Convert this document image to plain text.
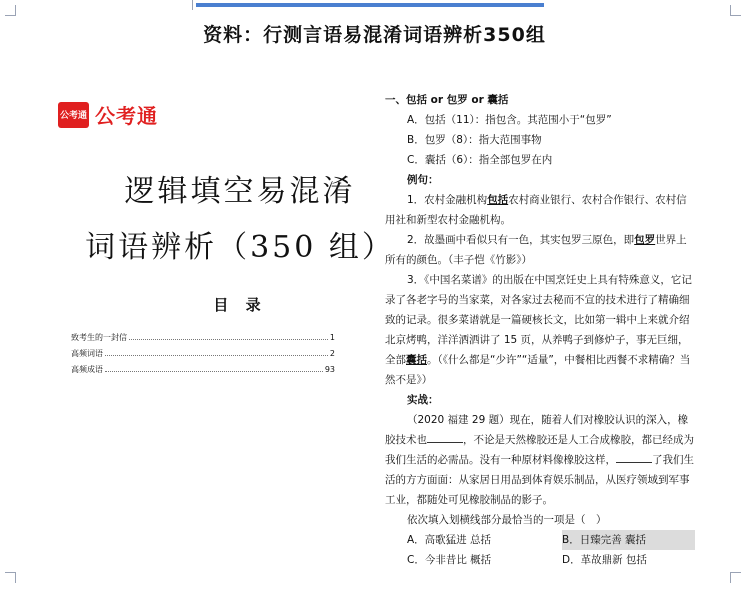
资料：行测言语易混淆词语辨析350组
公考通 公考通
逻辑填空易混淆
词语辨析（350 组）
目 录
致考生的一封信	1
高频词语	2
高频成语	93

一、包括 or 包罗 or 囊括

A．包括（11）：指包含。其范围小于“包罗”

B．包罗（8）：指大范围事物

C．囊括（6）：指全部包罗在内

例句：

1．农村金融机构包括农村商业银行、农村合作银行、农村信用社和新型农村金融机构。

2．故墨画中看似只有一色，其实包罗三原色，即包罗世界上所有的颜色。（丰子恺《竹影》）

3．《中国名菜谱》的出版在中国烹饪史上具有特殊意义，它记录了各老字号的当家菜，对各家过去秘而不宣的技术进行了精确细致的记录。很多菜谱就是一篇硬核长文，比如第一辑中上来就介绍北京烤鸭，洋洋洒洒讲了 15 页，从养鸭子到修炉子，事无巨细，全部囊括。（《什么都是“少许”“适量”，中餐相比西餐不求精确？当然不是》）

实战：

（2020 福建 29 题）现在，随着人们对橡胶认识的深入，橡胶技术也	，不论是天然橡胶还是人工合成橡胶，都已经成为我们生活的必需品。没有一种原材料像橡胶这样，	了我们生活的方方面面：从家居日用品到体育娱乐制品，从医疗领域到军事工业，都随处可见橡胶制品的影子。

依次填入划横线部分最恰当的一项是（　）

A．高歌猛进 总括	B．日臻完善 囊括
C．今非昔比 概括	D．革故鼎新 包括
